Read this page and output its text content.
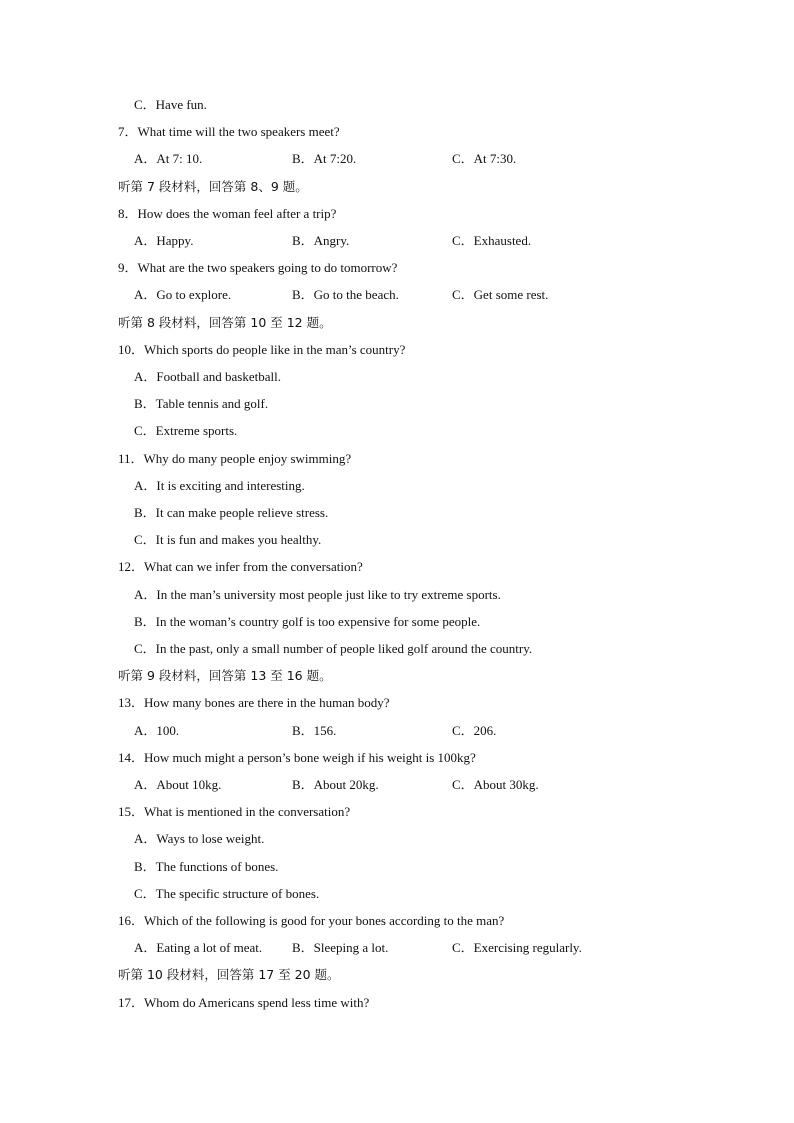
C．Have fun.
7．What time will the two speakers meet?
A．At 7: 10.	B．At 7:20.	C．At 7:30.
听第 7 段材料，回答第 8、9 题。
8．How does the woman feel after a trip?
A．Happy.	B．Angry.	C．Exhausted.
9．What are the two speakers going to do tomorrow?
A．Go to explore.	B．Go to the beach.	C．Get some rest.
听第 8 段材料，回答第 10 至 12 题。
10．Which sports do people like in the man’s country?
A．Football and basketball.
B．Table tennis and golf.
C．Extreme sports.
11．Why do many people enjoy swimming?
A．It is exciting and interesting.
B．It can make people relieve stress.
C．It is fun and makes you healthy.
12．What can we infer from the conversation?
A．In the man’s university most people just like to try extreme sports.
B．In the woman’s country golf is too expensive for some people.
C．In the past, only a small number of people liked golf around the country.
听第 9 段材料，回答第 13 至 16 题。
13．How many bones are there in the human body?
A．100.	B．156.	C．206.
14．How much might a person’s bone weigh if his weight is 100kg?
A．About 10kg.	B．About 20kg.	C．About 30kg.
15．What is mentioned in the conversation?
A．Ways to lose weight.
B．The functions of bones.
C．The specific structure of bones.
16．Which of the following is good for your bones according to the man?
A．Eating a lot of meat. B．Sleeping a lot.	C．Exercising regularly.
听第 10 段材料，回答第 17 至 20 题。
17．Whom do Americans spend less time with?
